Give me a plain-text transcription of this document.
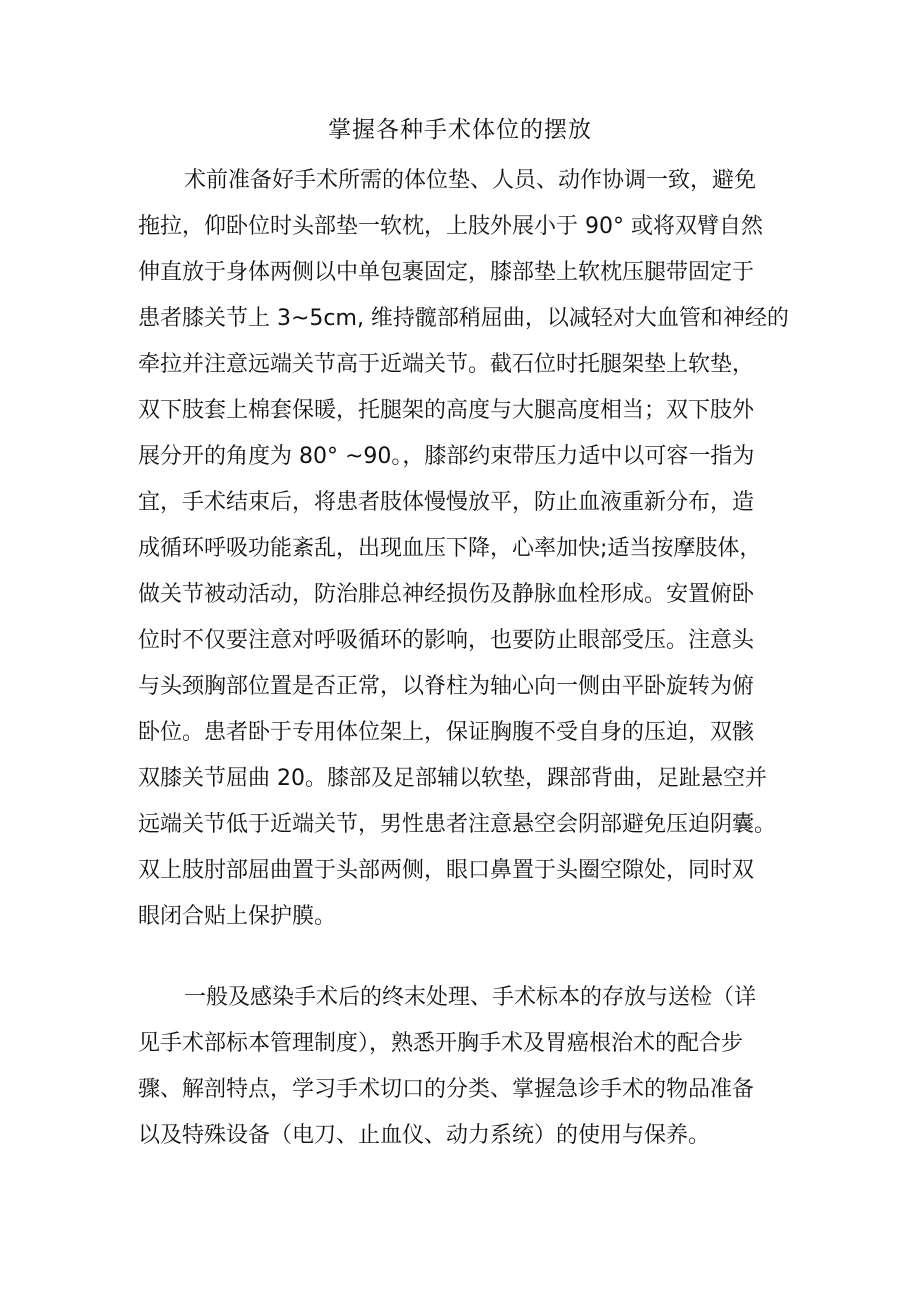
掌握各种手术体位的摆放
术前准备好手术所需的体位垫、人员、动作协调一致，避免
拖拉，仰卧位时头部垫一软枕，上肢外展小于 90° 或将双臂自然
伸直放于身体两侧以中单包裹固定，膝部垫上软枕压腿带固定于
患者膝关节上 3~5cm, 维持髋部稍屈曲，以减轻对大血管和神经的
牵拉并注意远端关节高于近端关节。截石位时托腿架垫上软垫，
双下肢套上棉套保暖，托腿架的高度与大腿高度相当；双下肢外
展分开的角度为 80° ~90。，膝部约束带压力适中以可容一指为
宜，手术结束后，将患者肢体慢慢放平，防止血液重新分布，造
成循环呼吸功能紊乱，出现血压下降，心率加快;适当按摩肢体，
做关节被动活动，防治腓总神经损伤及静脉血栓形成。安置俯卧
位时不仅要注意对呼吸循环的影响，也要防止眼部受压。注意头
与头颈胸部位置是否正常，以脊柱为轴心向一侧由平卧旋转为俯
卧位。患者卧于专用体位架上，保证胸腹不受自身的压迫，双骸
双膝关节屈曲 20。膝部及足部辅以软垫，踝部背曲，足趾悬空并
远端关节低于近端关节，男性患者注意悬空会阴部避免压迫阴囊。
双上肢肘部屈曲置于头部两侧，眼口鼻置于头圈空隙处，同时双
眼闭合贴上保护膜。
一般及感染手术后的终末处理、手术标本的存放与送检（详
见手术部标本管理制度），熟悉开胸手术及胃癌根治术的配合步
骤、解剖特点，学习手术切口的分类、掌握急诊手术的物品准备
以及特殊设备（电刀、止血仪、动力系统）的使用与保养。
